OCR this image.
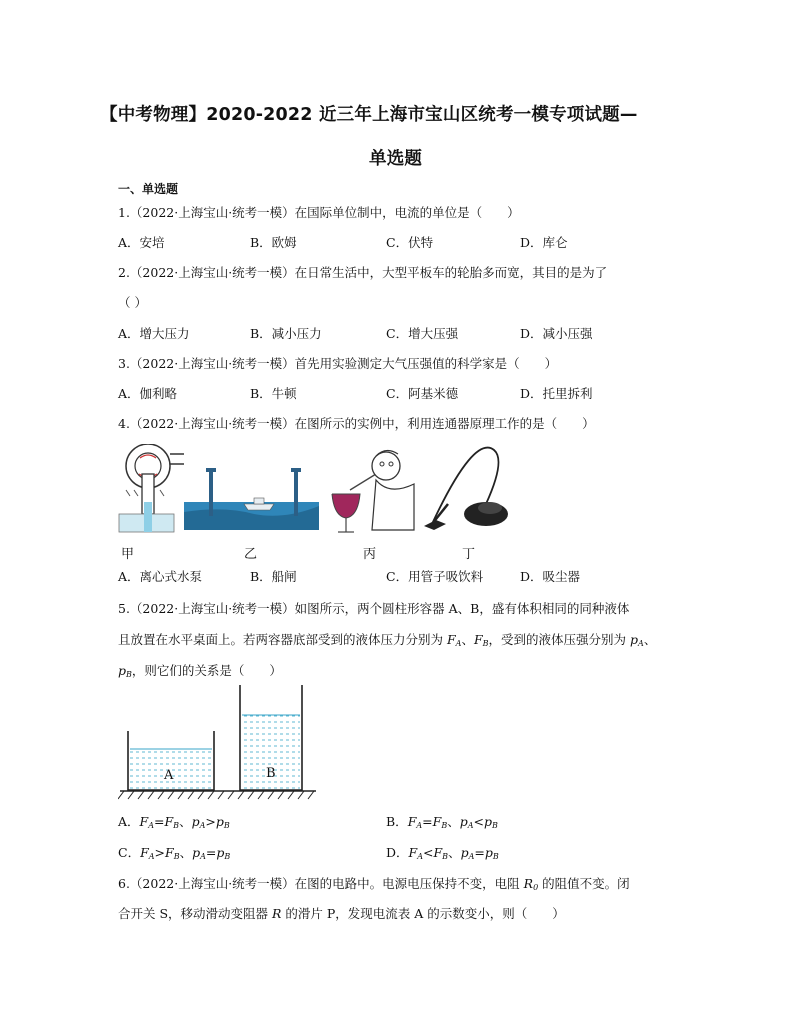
【中考物理】2020-2022 近三年上海市宝山区统考一模专项试题—
单选题
一、单选题
1.（2022·上海宝山·统考一模）在国际单位制中，电流的单位是（　　）
A．安培	B．欧姆	C．伏特	D．库仑
2.（2022·上海宝山·统考一模）在日常生活中，大型平板车的轮胎多而宽，其目的是为了
（ ）
A．增大压力	B．减小压力	C．增大压强	D．减小压强
3.（2022·上海宝山·统考一模）首先用实验测定大气压强值的科学家是（　　）
A．伽利略	B．牛顿	C．阿基米德	D．托里拆利
4.（2022·上海宝山·统考一模）在图所示的实例中，利用连通器原理工作的是（　　）
甲	乙	丙	丁
A．离心式水泵	B．船闸	C．用管子吸饮料	D．吸尘器
5.（2022·上海宝山·统考一模）如图所示，两个圆柱形容器 A、B，盛有体积相同的同种液体
且放置在水平桌面上。若两容器底部受到的液体压力分别为 $F_A$、$F_B$，受到的液体压强分别为 $p_A$、
$p_B$，则它们的关系是（　　）
A	B
A．$F_A=F_B$、$p_A>p_B$	B．$F_A=F_B$、$p_A<p_B$
C．$F_A>F_B$、$p_A=p_B$	D．$F_A<F_B$、$p_A=p_B$
6.（2022·上海宝山·统考一模）在图的电路中。电源电压保持不变，电阻 $R_0$ 的阻值不变。闭
合开关 S，移动滑动变阻器 R 的滑片 P，发现电流表 A 的示数变小，则（　　）
